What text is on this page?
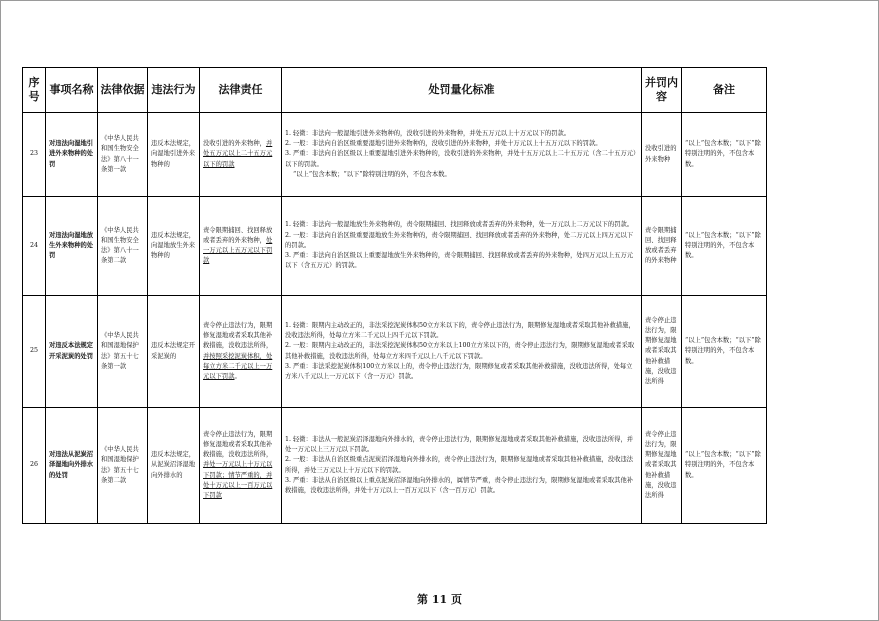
序号	事项名称	法律依据	违法行为	法律责任	处罚量化标准	并罚内容	备注
23	对违法向湿地引进外来物种的处罚	《中华人民共和国生物安全法》第八十一条第一款	违反本法规定，向湿地引进外来物种的	没收引进的外来物种，并处五万元以上二十五万元以下的罚款	1. 轻微：非法向一般湿地引进外来物种的，没收引进的外来物种，并处五万元以上十万元以下的罚款。

2. 一般：非法向自治区级重要湿地引进外来物种的，没收引进的外来物种，并处十万元以上十五万元以下的罚款。

3. 严重：非法向自治区级以上重要湿地引进外来物种的，没收引进的外来物种，并处十五万元以上二十五万元（含二十五万元）以下的罚款。

“以上”包含本数；“以下”除特别注明的外，不包含本数。	没收引进的外来物种	“以上”包含本数；“以下”除特别注明的外，不包含本数。
24	对违法向湿地放生外来物种的处罚	《中华人民共和国生物安全法》第八十一条第二款	违反本法规定，向湿地放生外来物种的	责令限期捕回、找回释放或者丢弃的外来物种，处一万元以上五万元以下罚款	1. 轻微：非法向一般湿地放生外来物种的，责令限期捕回、找回释放或者丢弃的外来物种，处一万元以上二万元以下的罚款。

2. 一般：非法向自治区级重要湿地放生外来物种的，责令限期捕回、找回释放或者丢弃的外来物种，处二万元以上四万元以下的罚款。

3. 严重：非法向自治区级以上重要湿地放生外来物种的，责令限期捕回、找回释放或者丢弃的外来物种，处四万元以上五万元以下（含五万元）的罚款。	责令限期捕回、找回释放或者丢弃的外来物种	“以上”包含本数；“以下”除特别注明的外，不包含本数。
25	对违反本法规定开采泥炭的处罚	《中华人民共和国湿地保护法》第五十七条第一款	违反本法规定开采泥炭的	责令停止违法行为，限期修复湿地或者采取其他补救措施，没收违法所得，并按照采挖泥炭体积，处每立方米二千元以上一万元以下罚款。	1. 轻微：限期内主动改正的，非法采挖泥炭体积50立方米以下的，责令停止违法行为，限期修复湿地或者采取其他补救措施，没收违法所得，处每立方米二千元以上四千元以下罚款。

2. 一般：限期内主动改正的，非法采挖泥炭体积50立方米以上100立方米以下的，责令停止违法行为，限期修复湿地或者采取其他补救措施，没收违法所得，处每立方米四千元以上八千元以下罚款。

3. 严重：非法采挖泥炭体积100立方米以上的，责令停止违法行为，限期修复或者采取其他补救措施，没收违法所得，处每立方米八千元以上一万元以下（含一万元）罚款。	责令停止违法行为，限期修复湿地或者采取其他补救措施，没收违法所得	“以上”包含本数；“以下”除特别注明的外，不包含本数。
26	对违法从泥炭沼泽湿地向外排水的处罚	《中华人民共和国湿地保护法》第五十七条第二款	违反本法规定，从泥炭沼泽湿地向外排水的	责令停止违法行为，限期修复湿地或者采取其他补救措施，没收违法所得，并处一万元以上十万元以下罚款；情节严重的，并处十万元以上一百万元以下罚款	1. 轻微：非法从一般泥炭沼泽湿地向外排水的，责令停止违法行为，限期修复湿地或者采取其他补救措施，没收违法所得，并处一万元以上三万元以下罚款。

2. 一般：非法从自治区级重点泥炭沼泽湿地向外排水的，责令停止违法行为，限期修复湿地或者采取其他补救措施，没收违法所得，并处三万元以上十万元以下的罚款。

3. 严重：非法从自治区级以上重点泥炭沼泽湿地向外排水的，属情节严重，责令停止违法行为，限期修复湿地或者采取其他补救措施，没收违法所得，并处十万元以上一百万元以下（含一百万元）罚款。	责令停止违法行为，限期修复湿地或者采取其他补救措施，没收违法所得	“以上”包含本数；“以下”除特别注明的外，不包含本数。
第 11 页
